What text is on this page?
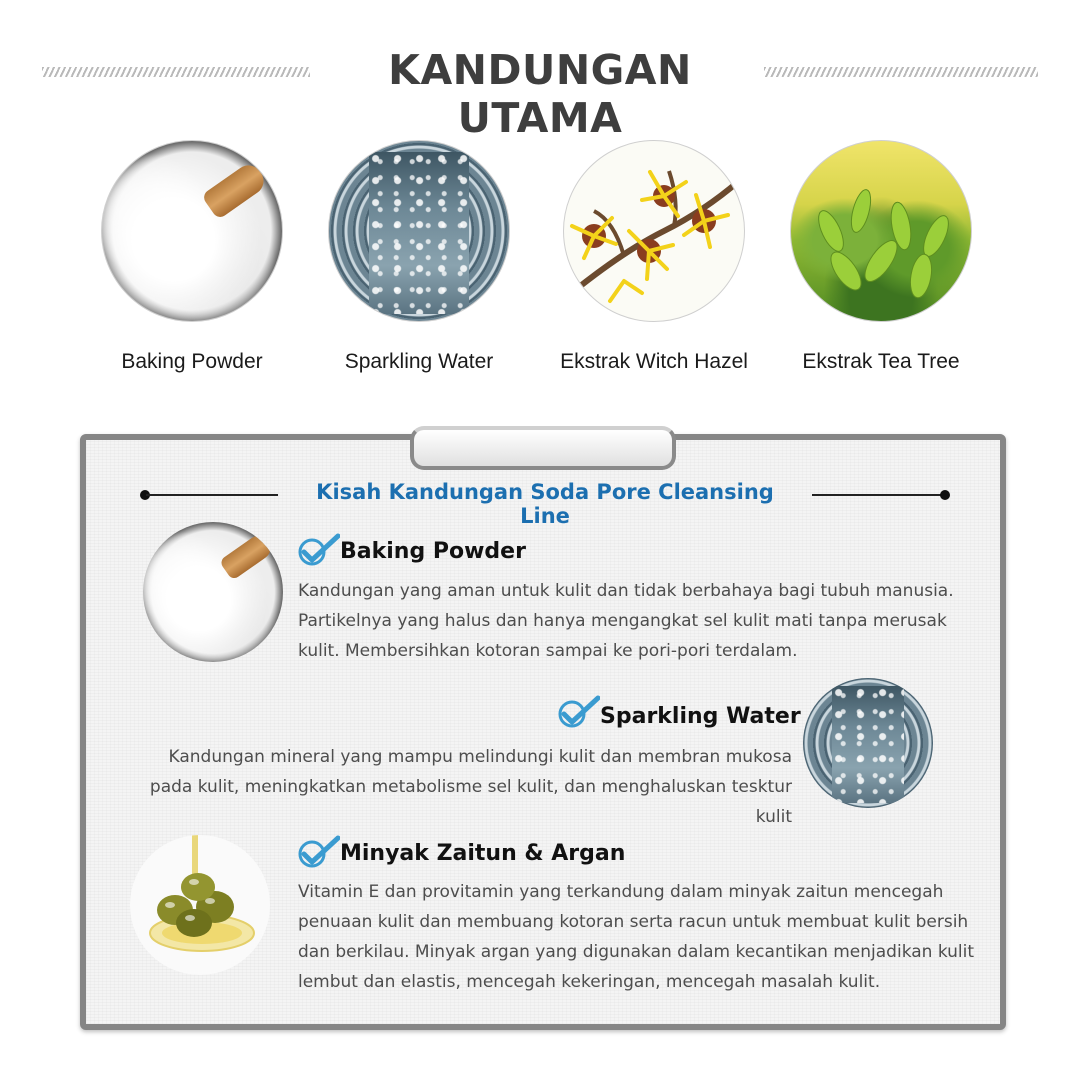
KANDUNGAN UTAMA
Baking Powder	Sparkling Water	Ekstrak Witch Hazel	Ekstrak Tea Tree
Kisah Kandungan Soda Pore Cleansing Line
Baking Powder
Kandungan yang aman untuk kulit dan tidak berbahaya bagi tubuh manusia.
Partikelnya yang halus dan hanya mengangkat sel kulit mati tanpa merusak
kulit. Membersihkan kotoran sampai ke pori-pori terdalam.
Sparkling Water
Kandungan mineral yang mampu melindungi kulit dan membran mukosa
pada kulit, meningkatkan metabolisme sel kulit, dan menghaluskan tesktur kulit
Minyak Zaitun & Argan
Vitamin E dan provitamin yang terkandung dalam minyak zaitun mencegah
penuaan kulit dan membuang kotoran serta racun untuk membuat kulit bersih
dan berkilau. Minyak argan yang digunakan dalam kecantikan menjadikan kulit
lembut dan elastis, mencegah kekeringan, mencegah masalah kulit.
